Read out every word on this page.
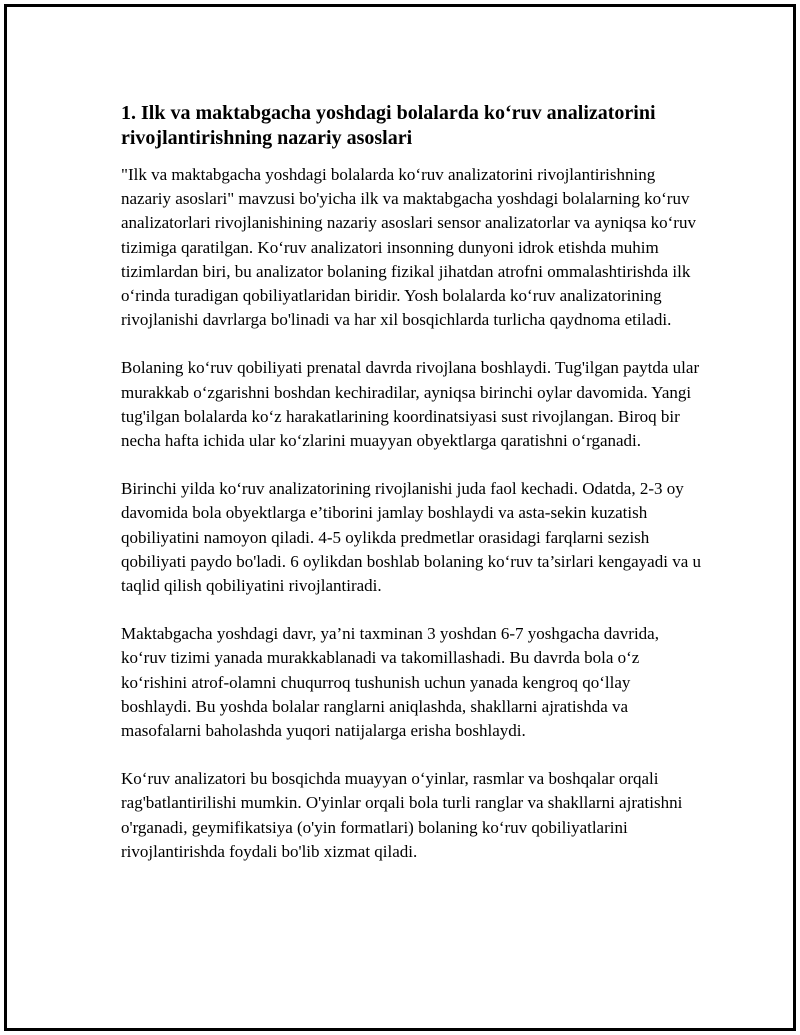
1. Ilk va maktabgacha yoshdagi bolalarda ko‘ruv analizatorini rivojlantirishning nazariy asoslari

"Ilk va maktabgacha yoshdagi bolalarda ko‘ruv analizatorini rivojlantirishning nazariy asoslari" mavzusi bo'yicha ilk va maktabgacha yoshdagi bolalarning ko‘ruv analizatorlari rivojlanishining nazariy asoslari sensor analizatorlar va ayniqsa ko‘ruv tizimiga qaratilgan. Ko‘ruv analizatori insonning dunyoni idrok etishda muhim tizimlardan biri, bu analizator bolaning fizikal jihatdan atrofni ommalashtirishda ilk o‘rinda turadigan qobiliyatlaridan biridir. Yosh bolalarda ko‘ruv analizatorining rivojlanishi davrlarga bo'linadi va har xil bosqichlarda turlicha qaydnoma etiladi.

Bolaning ko‘ruv qobiliyati prenatal davrda rivojlana boshlaydi. Tug'ilgan paytda ular murakkab o‘zgarishni boshdan kechiradilar, ayniqsa birinchi oylar davomida. Yangi tug'ilgan bolalarda ko‘z harakatlarining koordinatsiyasi sust rivojlangan. Biroq bir necha hafta ichida ular ko‘zlarini muayyan obyektlarga qaratishni o‘rganadi.

Birinchi yilda ko‘ruv analizatorining rivojlanishi juda faol kechadi. Odatda, 2-3 oy davomida bola obyektlarga e’tiborini jamlay boshlaydi va asta-sekin kuzatish qobiliyatini namoyon qiladi. 4-5 oylikda predmetlar orasidagi farqlarni sezish qobiliyati paydo bo'ladi. 6 oylikdan boshlab bolaning ko‘ruv ta’sirlari kengayadi va u taqlid qilish qobiliyatini rivojlantiradi.

Maktabgacha yoshdagi davr, ya’ni taxminan 3 yoshdan 6-7 yoshgacha davrida, ko‘ruv tizimi yanada murakkablanadi va takomillashadi. Bu davrda bola o‘z ko‘rishini atrof-olamni chuqurroq tushunish uchun yanada kengroq qo‘llay boshlaydi. Bu yoshda bolalar ranglarni aniqlashda, shakllarni ajratishda va masofalarni baholashda yuqori natijalarga erisha boshlaydi.

Ko‘ruv analizatori bu bosqichda muayyan o‘yinlar, rasmlar va boshqalar orqali rag'batlantirilishi mumkin. O'yinlar orqali bola turli ranglar va shakllarni ajratishni o'rganadi, geymifikatsiya (o'yin formatlari) bolaning ko‘ruv qobiliyatlarini rivojlantirishda foydali bo'lib xizmat qiladi.
